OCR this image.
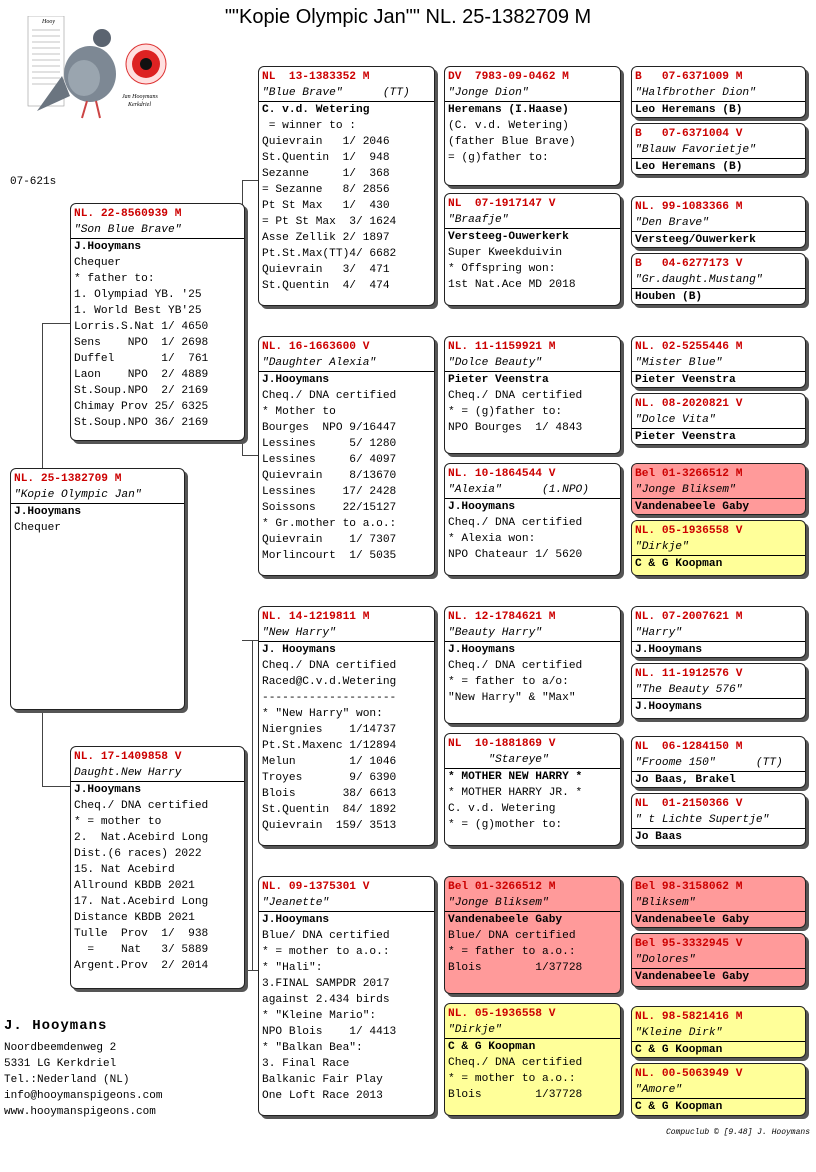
""Kopie Olympic Jan"" NL. 25-1382709 M
Hooy
Jan Hooymans
Kerkdriel
07-621s
NL. 25-1382709 M
"Kopie Olympic Jan"
J.Hooymans
Chequer
NL. 22-8560939 M
"Son Blue Brave"
J.Hooymans
Chequer
* father to:
1. Olympiad YB. '25
1. World Best YB'25
Lorris.S.Nat 1/ 4650
Sens    NPO  1/ 2698
Duffel       1/  761
Laon    NPO  2/ 4889
St.Soup.NPO  2/ 2169
Chimay Prov 25/ 6325
St.Soup.NPO 36/ 2169
NL. 17-1409858 V
Daught.New Harry
J.Hooymans
Cheq./ DNA certified
* = mother to
2.  Nat.Acebird Long
Dist.(6 races) 2022
15. Nat Acebird
Allround KBDB 2021
17. Nat.Acebird Long
Distance KBDB 2021
Tulle  Prov  1/  938
=    Nat   3/ 5889
Argent.Prov  2/ 2014
NL  13-1383352 M
"Blue Brave"      (TT)
C. v.d. Wetering
= winner to :
Quievrain   1/ 2046
St.Quentin  1/  948
Sezanne     1/  368
= Sezanne   8/ 2856
Pt St Max   1/  430
= Pt St Max  3/ 1624
Asse Zellik 2/ 1897
Pt.St.Max(TT)4/ 6682
Quievrain   3/  471
St.Quentin  4/  474
NL. 16-1663600 V
"Daughter Alexia"
J.Hooymans
Cheq./ DNA certified
* Mother to
Bourges  NPO 9/16447
Lessines     5/ 1280
Lessines     6/ 4097
Quievrain    8/13670
Lessines    17/ 2428
Soissons    22/15127
* Gr.mother to a.o.:
Quievrain    1/ 7307
Morlincourt  1/ 5035
NL. 14-1219811 M
"New Harry"
J. Hooymans
Cheq./ DNA certified
Raced@C.v.d.Wetering
--------------------
* "New Harry" won:
Niergnies    1/14737
Pt.St.Maxenc 1/12894
Melun        1/ 1046
Troyes       9/ 6390
Blois       38/ 6613
St.Quentin  84/ 1892
Quievrain  159/ 3513
NL. 09-1375301 V
"Jeanette"
J.Hooymans
Blue/ DNA certified
* = mother to a.o.:
* "Hali":
3.FINAL SAMPDR 2017
against 2.434 birds
* "Kleine Mario":
NPO Blois    1/ 4413
* "Balkan Bea":
3. Final Race
Balkanic Fair Play
One Loft Race 2013
DV  7983-09-0462 M
"Jonge Dion"
Heremans (I.Haase)
(C. v.d. Wetering)
(father Blue Brave)
= (g)father to:
NL  07-1917147 V
"Braafje"
Versteeg-Ouwerkerk
Super Kweekduivin
* Offspring won:
1st Nat.Ace MD 2018
NL. 11-1159921 M
"Dolce Beauty"
Pieter Veenstra
Cheq./ DNA certified
* = (g)father to:
NPO Bourges  1/ 4843
NL. 10-1864544 V
"Alexia"      (1.NPO)
J.Hooymans
Cheq./ DNA certified
* Alexia won:
NPO Chateaur 1/ 5620
NL. 12-1784621 M
"Beauty Harry"
J.Hooymans
Cheq./ DNA certified
* = father to a/o:
"New Harry" & "Max"
NL  10-1881869 V
"Stareye"
* MOTHER NEW HARRY *
* MOTHER HARRY JR. *
C. v.d. Wetering
* = (g)mother to:
Bel 01-3266512 M
"Jonge Bliksem"
Vandenabeele Gaby
Blue/ DNA certified
* = father to a.o.:
Blois        1/37728
NL. 05-1936558 V
"Dirkje"
C & G Koopman
Cheq./ DNA certified
* = mother to a.o.:
Blois        1/37728
B   07-6371009 M
"Halfbrother Dion"
Leo Heremans (B)
B   07-6371004 V
"Blauw Favorietje"
Leo Heremans (B)
NL. 99-1083366 M
"Den Brave"
Versteeg/Ouwerkerk
B   04-6277173 V
"Gr.daught.Mustang"
Houben (B)
NL. 02-5255446 M
"Mister Blue"
Pieter Veenstra
NL. 08-2020821 V
"Dolce Vita"
Pieter Veenstra
Bel 01-3266512 M
"Jonge Bliksem"
Vandenabeele Gaby
NL. 05-1936558 V
"Dirkje"
C & G Koopman
NL. 07-2007621 M
"Harry"
J.Hooymans
NL. 11-1912576 V
"The Beauty 576"
J.Hooymans
NL  06-1284150 M
"Froome 150"      (TT)
Jo Baas, Brakel
NL  01-2150366 V
" t Lichte Supertje"
Jo Baas
Bel 98-3158062 M
"Bliksem"
Vandenabeele Gaby
Bel 95-3332945 V
"Dolores"
Vandenabeele Gaby
NL. 98-5821416 M
"Kleine Dirk"
C & G Koopman
NL. 00-5063949 V
"Amore"
C & G Koopman
J. Hooymans
Noordbeemdenweg 2
5331 LG Kerkdriel
Tel.:Nederland (NL)
info@hooymanspigeons.com
www.hooymanspigeons.com
Compuclub © [9.48] J. Hooymans
